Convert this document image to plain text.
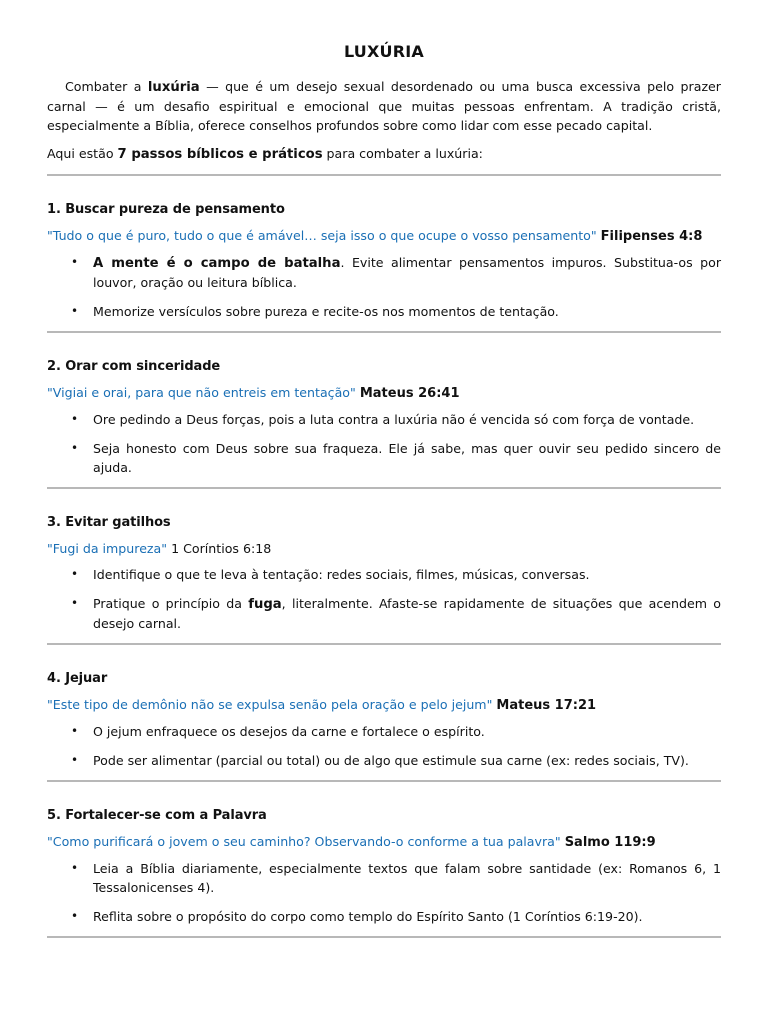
LUXÚRIA

Combater a luxúria — que é um desejo sexual desordenado ou uma busca excessiva pelo prazer carnal — é um desafio espiritual e emocional que muitas pessoas enfrentam. A tradição cristã, especialmente a Bíblia, oferece conselhos profundos sobre como lidar com esse pecado capital.

Aqui estão 7 passos bíblicos e práticos para combater a luxúria:

1. Buscar pureza de pensamento
"Tudo o que é puro, tudo o que é amável… seja isso o que ocupe o vosso pensamento" Filipenses 4:8
• A mente é o campo de batalha. Evite alimentar pensamentos impuros. Substitua-os por louvor, oração ou leitura bíblica.
• Memorize versículos sobre pureza e recite-os nos momentos de tentação.
2. Orar com sinceridade
"Vigiai e orai, para que não entreis em tentação" Mateus 26:41
• Ore pedindo a Deus forças, pois a luta contra a luxúria não é vencida só com força de vontade.
• Seja honesto com Deus sobre sua fraqueza. Ele já sabe, mas quer ouvir seu pedido sincero de ajuda.
3. Evitar gatilhos
"Fugi da impureza" 1 Coríntios 6:18
• Identifique o que te leva à tentação: redes sociais, filmes, músicas, conversas.
• Pratique o princípio da fuga, literalmente. Afaste-se rapidamente de situações que acendem o desejo carnal.
4. Jejuar
"Este tipo de demônio não se expulsa senão pela oração e pelo jejum" Mateus 17:21
• O jejum enfraquece os desejos da carne e fortalece o espírito.
• Pode ser alimentar (parcial ou total) ou de algo que estimule sua carne (ex: redes sociais, TV).
5. Fortalecer-se com a Palavra
"Como purificará o jovem o seu caminho? Observando-o conforme a tua palavra" Salmo 119:9
• Leia a Bíblia diariamente, especialmente textos que falam sobre santidade (ex: Romanos 6, 1 Tessalonicenses 4).
• Reflita sobre o propósito do corpo como templo do Espírito Santo (1 Coríntios 6:19-20).
